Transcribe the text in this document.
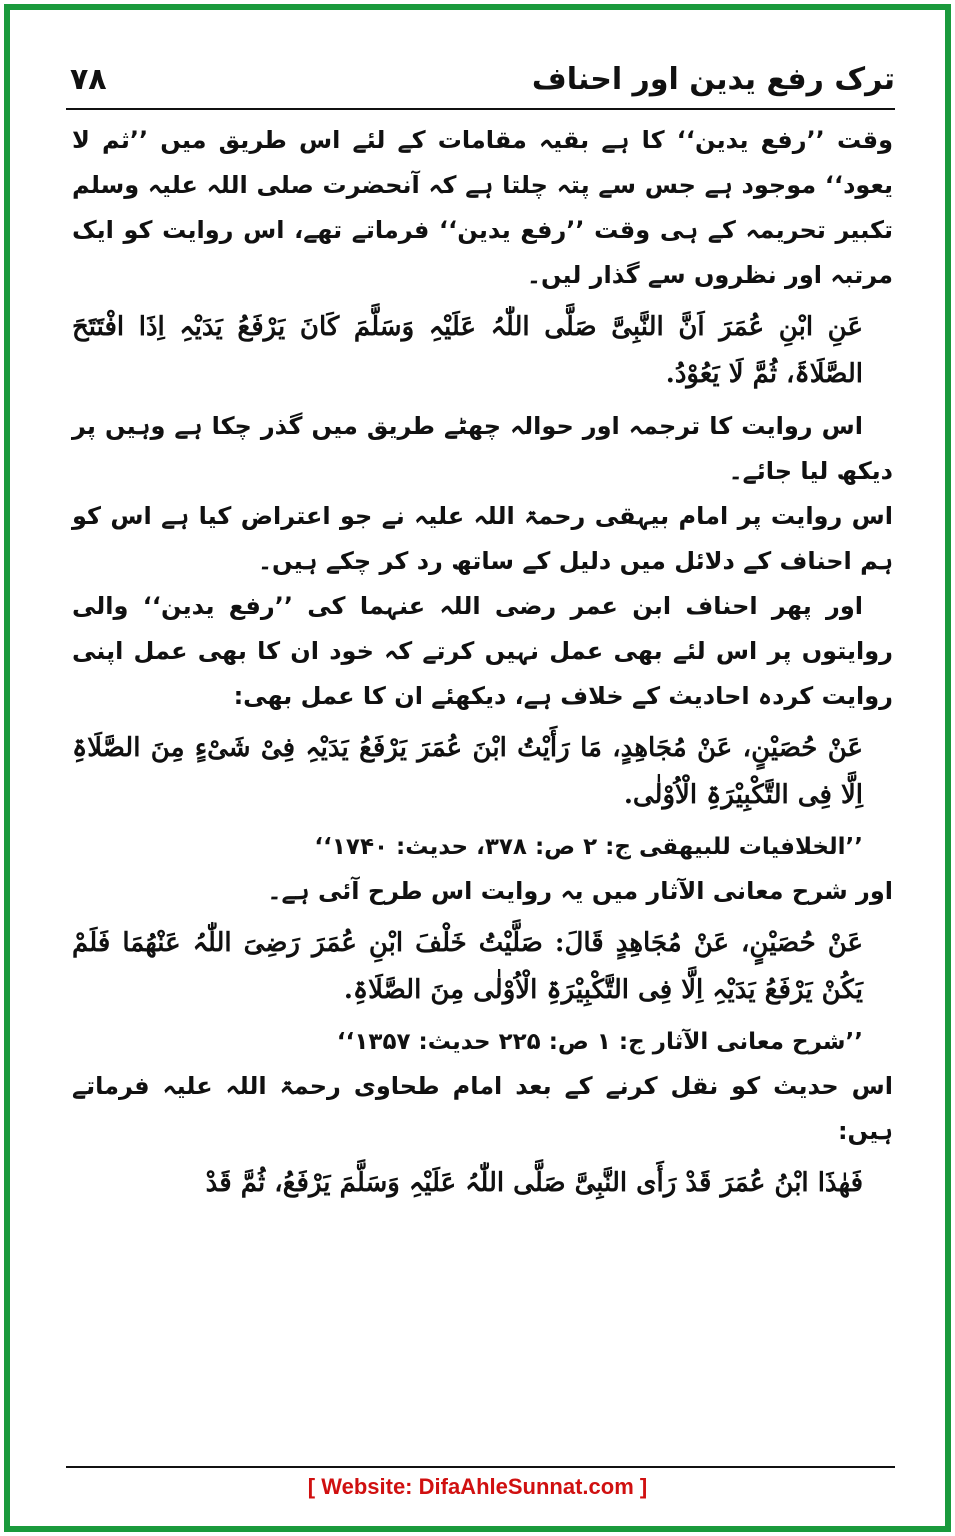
ترک رفع یدین اور احناف
۷۸

وقت ’’رفع یدین‘‘ کا ہے بقیہ مقامات کے لئے اس طریق میں ’’ثم لا یعود‘‘ موجود ہے جس سے پتہ چلتا ہے کہ آنحضرت صلی اللہ علیہ وسلم تکبیر تحریمہ کے ہی وقت ’’رفع یدین‘‘ فرماتے تھے، اس روایت کو ایک مرتبہ اور نظروں سے گذار لیں۔

عَنِ ابْنِ عُمَرَ اَنَّ النَّبِیَّ صَلَّی اللّٰہُ عَلَیْہِ وَسَلَّمَ کَانَ یَرْفَعُ یَدَیْہِ اِذَا افْتَتَحَ الصَّلَاۃَ، ثُمَّ لَا یَعُوْدُ.

اس روایت کا ترجمہ اور حوالہ چھٹے طریق میں گذر چکا ہے وہیں پر دیکھ لیا جائے۔

اس روایت پر امام بیہقی رحمۃ اللہ علیہ نے جو اعتراض کیا ہے اس کو ہم احناف کے دلائل میں دلیل کے ساتھ رد کر چکے ہیں۔

اور پھر احناف ابن عمر رضی اللہ عنہما کی ’’رفع یدین‘‘ والی روایتوں پر اس لئے بھی عمل نہیں کرتے کہ خود ان کا بھی عمل اپنی روایت کردہ احادیث کے خلاف ہے، دیکھئے ان کا عمل بھی:

عَنْ حُصَیْنٍ، عَنْ مُجَاھِدٍ، مَا رَأَیْتُ ابْنَ عُمَرَ یَرْفَعُ یَدَیْہِ فِیْ شَیْءٍ مِنَ الصَّلَاۃِ اِلَّا فِی التَّکْبِیْرَۃِ الْاُوْلٰی.

’’الخلافیات للبیھقی ج: ۲ ص: ۳۷۸، حدیث: ۱۷۴۰‘‘

اور شرح معانی الآثار میں یہ روایت اس طرح آئی ہے۔

عَنْ حُصَیْنٍ، عَنْ مُجَاھِدٍ قَالَ: صَلَّیْتُ خَلْفَ ابْنِ عُمَرَ رَضِیَ اللّٰہُ عَنْھُمَا فَلَمْ یَکُنْ یَرْفَعُ یَدَیْہِ اِلَّا فِی التَّکْبِیْرَۃِ الْاُوْلٰی مِنَ الصَّلَاۃِ.

’’شرح معانی الآثار ج: ۱ ص: ۲۲۵ حدیث: ۱۳۵۷‘‘

اس حدیث کو نقل کرنے کے بعد امام طحاوی رحمۃ اللہ علیہ فرماتے ہیں:

فَھٰذَا ابْنُ عُمَرَ قَدْ رَأَی النَّبِیَّ صَلَّی اللّٰہُ عَلَیْہِ وَسَلَّمَ یَرْفَعُ، ثُمَّ قَدْ

[ Website: DifaAhleSunnat.com ]
